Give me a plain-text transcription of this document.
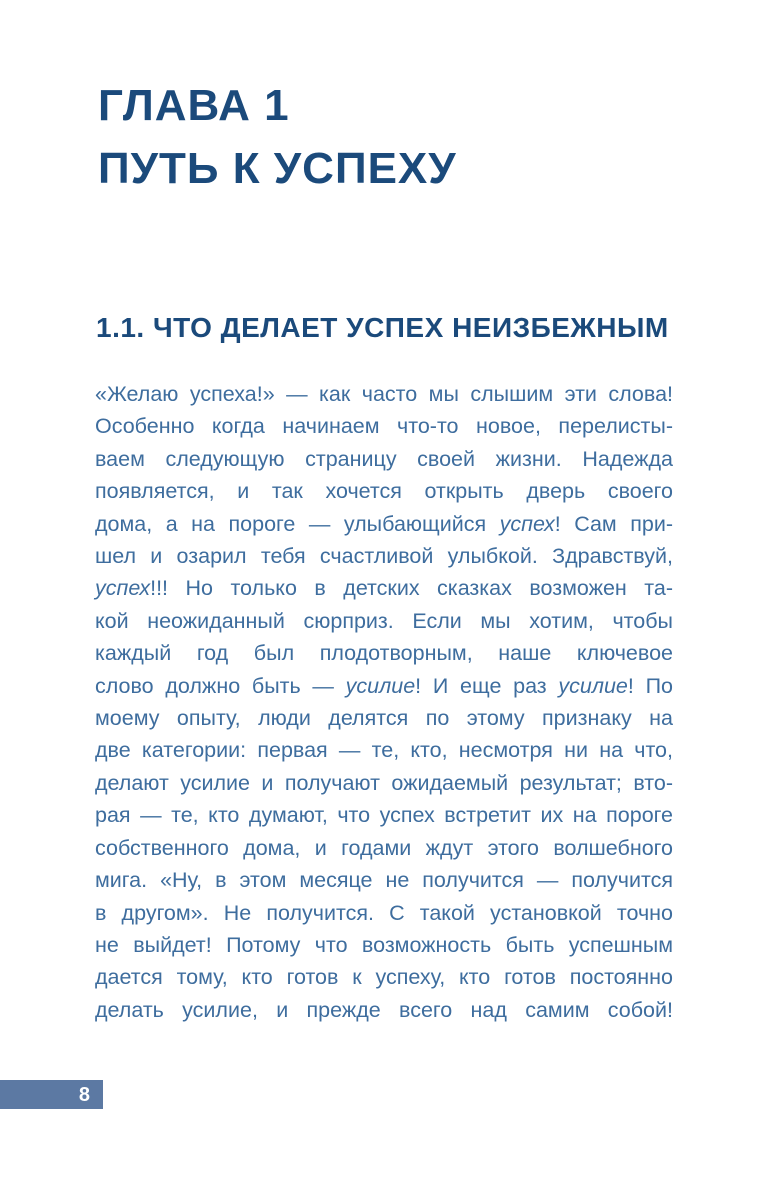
ГЛАВА 1
ПУТЬ К УСПЕХУ
1.1. ЧТО ДЕЛАЕТ УСПЕХ НЕИЗБЕЖНЫМ
«Желаю успеха!» — как часто мы слышим эти слова!
Особенно когда начинаем что-то новое, перелисты-
ваем следующую страницу своей жизни. Надежда
появляется, и так хочется открыть дверь своего
дома, а на пороге — улыбающийся успех! Сам при-
шел и озарил тебя счастливой улыбкой. Здравствуй,
успех!!! Но только в детских сказках возможен та-
кой неожиданный сюрприз. Если мы хотим, чтобы
каждый год был плодотворным, наше ключевое
слово должно быть — усилие! И еще раз усилие! По
моему опыту, люди делятся по этому признаку на
две категории: первая — те, кто, несмотря ни на что,
делают усилие и получают ожидаемый результат; вто-
рая — те, кто думают, что успех встретит их на пороге
собственного дома, и годами ждут этого волшебного
мига. «Ну, в этом месяце не получится — получится
в другом». Не получится. С такой установкой точно
не выйдет! Потому что возможность быть успешным
дается тому, кто готов к успеху, кто готов постоянно
делать усилие, и прежде всего над самим собой!
8
